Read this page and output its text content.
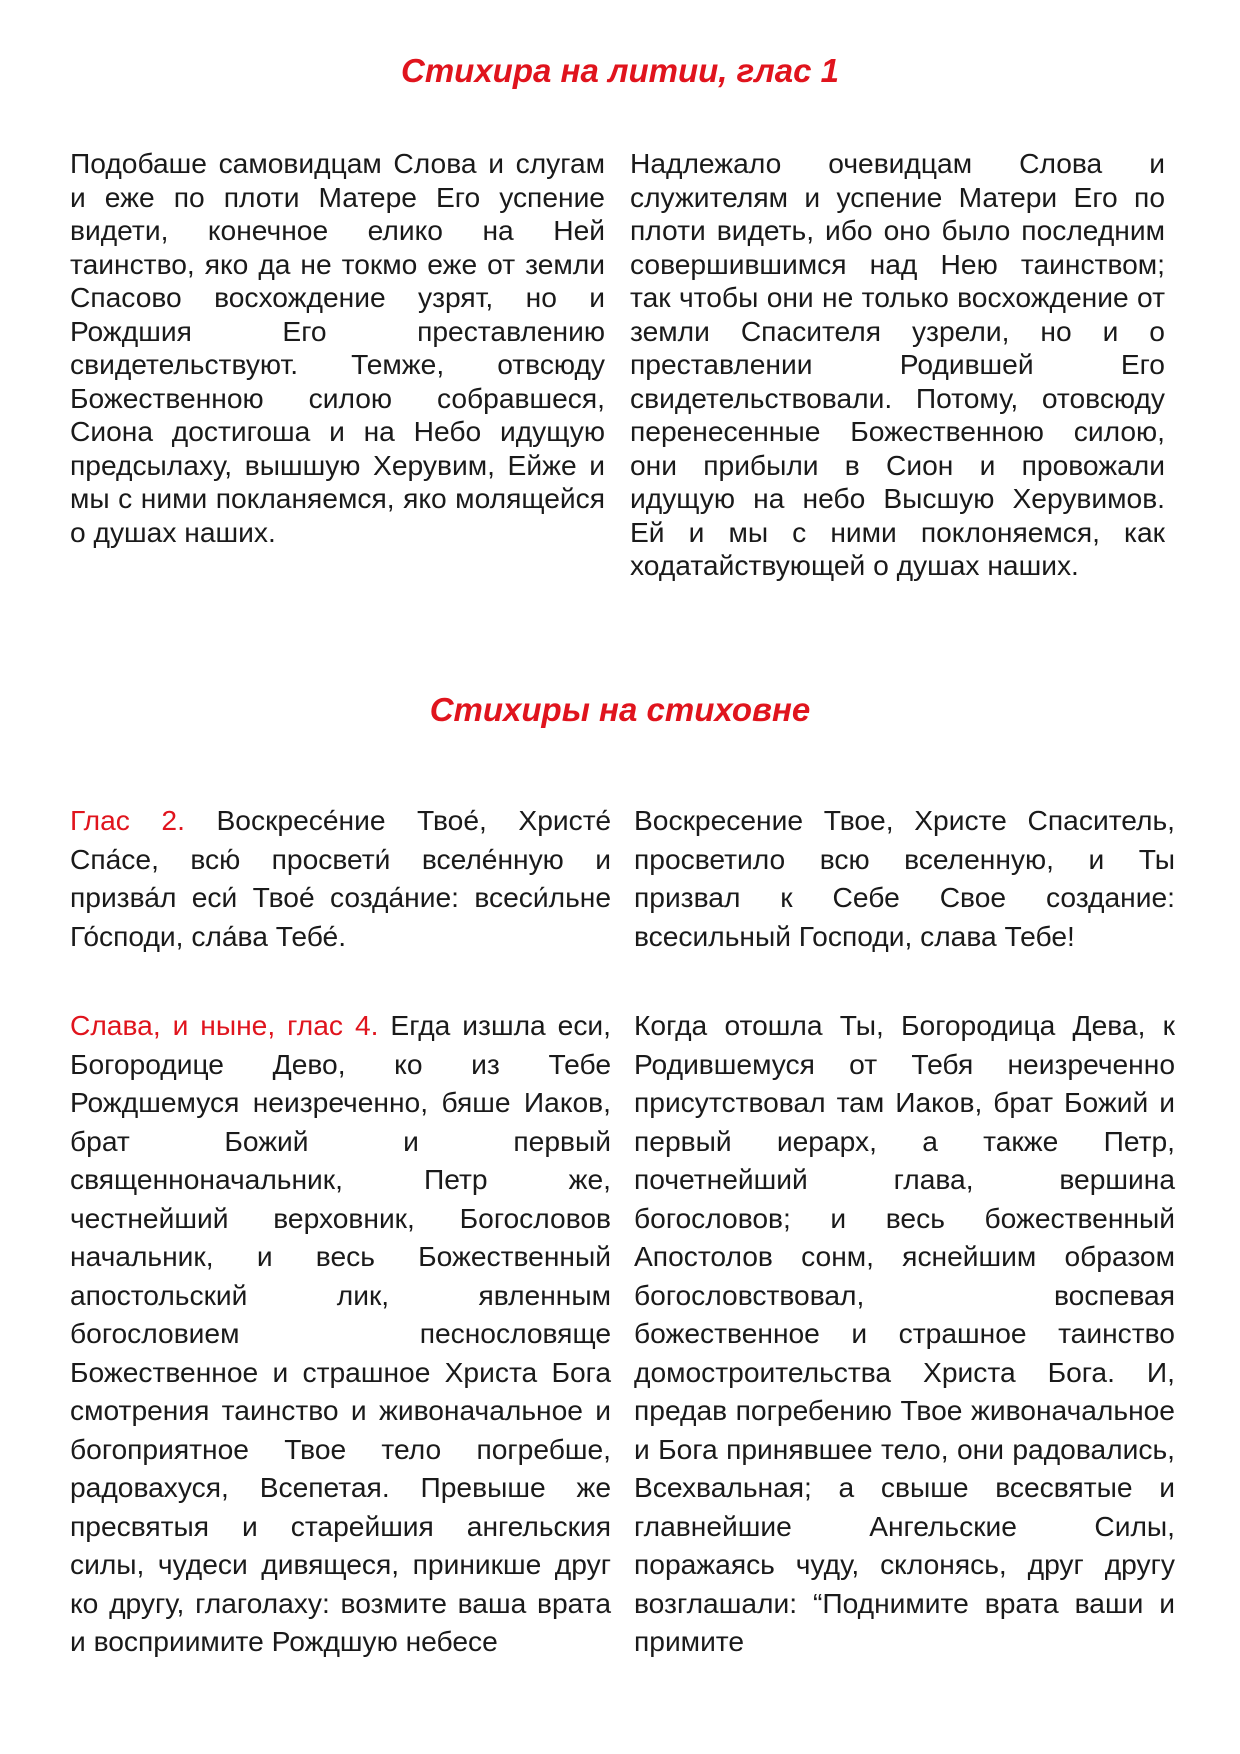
Стихира на литии, глас 1

Подобаше самовидцам Слова и слугам и еже по плоти Матере Его успение видети, конечное елико на Ней таинство, яко да не токмо еже от земли Спасово восхождение узрят, но и Рождшия Его преставлению свидетельствуют. Темже, отвсюду Божественною силою собравшеся, Сиона достигоша и на Небо идущую предсылаху, вышшую Херувим, Ейже и мы с ними покланяемся, яко молящейся о душах наших.

Надлежало очевидцам Слова и служителям и успение Матери Его по плоти видеть, ибо оно было последним совершившимся над Нею таинством; так чтобы они не только восхождение от земли Спасителя узрели, но и о преставлении Родившей Его свидетельствовали. Потому, отовсюду перенесенные Божественною силою, они прибыли в Сион и провожали идущую на небо Высшую Херувимов. Ей и мы с ними поклоняемся, как ходатайствующей о душах наших.

Стихиры на стиховне

Глас 2. Воскресе́ние Твое́, Христе́ Спа́се, всю́ просвети́ вселе́нную и призва́л еси́ Твое́ созда́ние: всеси́льне Го́споди, сла́ва Тебе́.

Воскресение Твое, Христе Спаситель, просветило всю вселенную, и Ты призвал к Себе Свое создание: всесильный Господи, слава Тебе!

Слава, и ныне, глас 4. Егда изшла еси, Богородице Дево, ко из Тебе Рождшемуся неизреченно, бяше Иаков, брат Божий и первый священноначальник, Петр же, честнейший верховник, Богословов начальник, и весь Божественный апостольский лик, явленным богословием песнословяще Божественное и страшное Христа Бога смотрения таинство и живоначальное и богоприятное Твое тело погребше, радовахуся, Всепетая. Превыше же пресвятыя и старейшия ангельския силы, чудеси дивящеся, приникше друг ко другу, глаголаху: возмите ваша врата и восприимите Рождшую небесе

Когда отошла Ты, Богородица Дева, к Родившемуся от Тебя неизреченно присутствовал там Иаков, брат Божий и первый иерарх, а также Петр, почетнейший глава, вершина богословов; и весь божественный Апостолов сонм, яснейшим образом богословствовал, воспевая божественное и страшное таинство домостроительства Христа Бога. И, предав погребению Твое живоначальное и Бога принявшее тело, они радовались, Всехвальная; а свыше всесвятые и главнейшие Ангельские Силы, поражаясь чуду, склонясь, друг другу возглашали: “Поднимите врата ваши и примите
